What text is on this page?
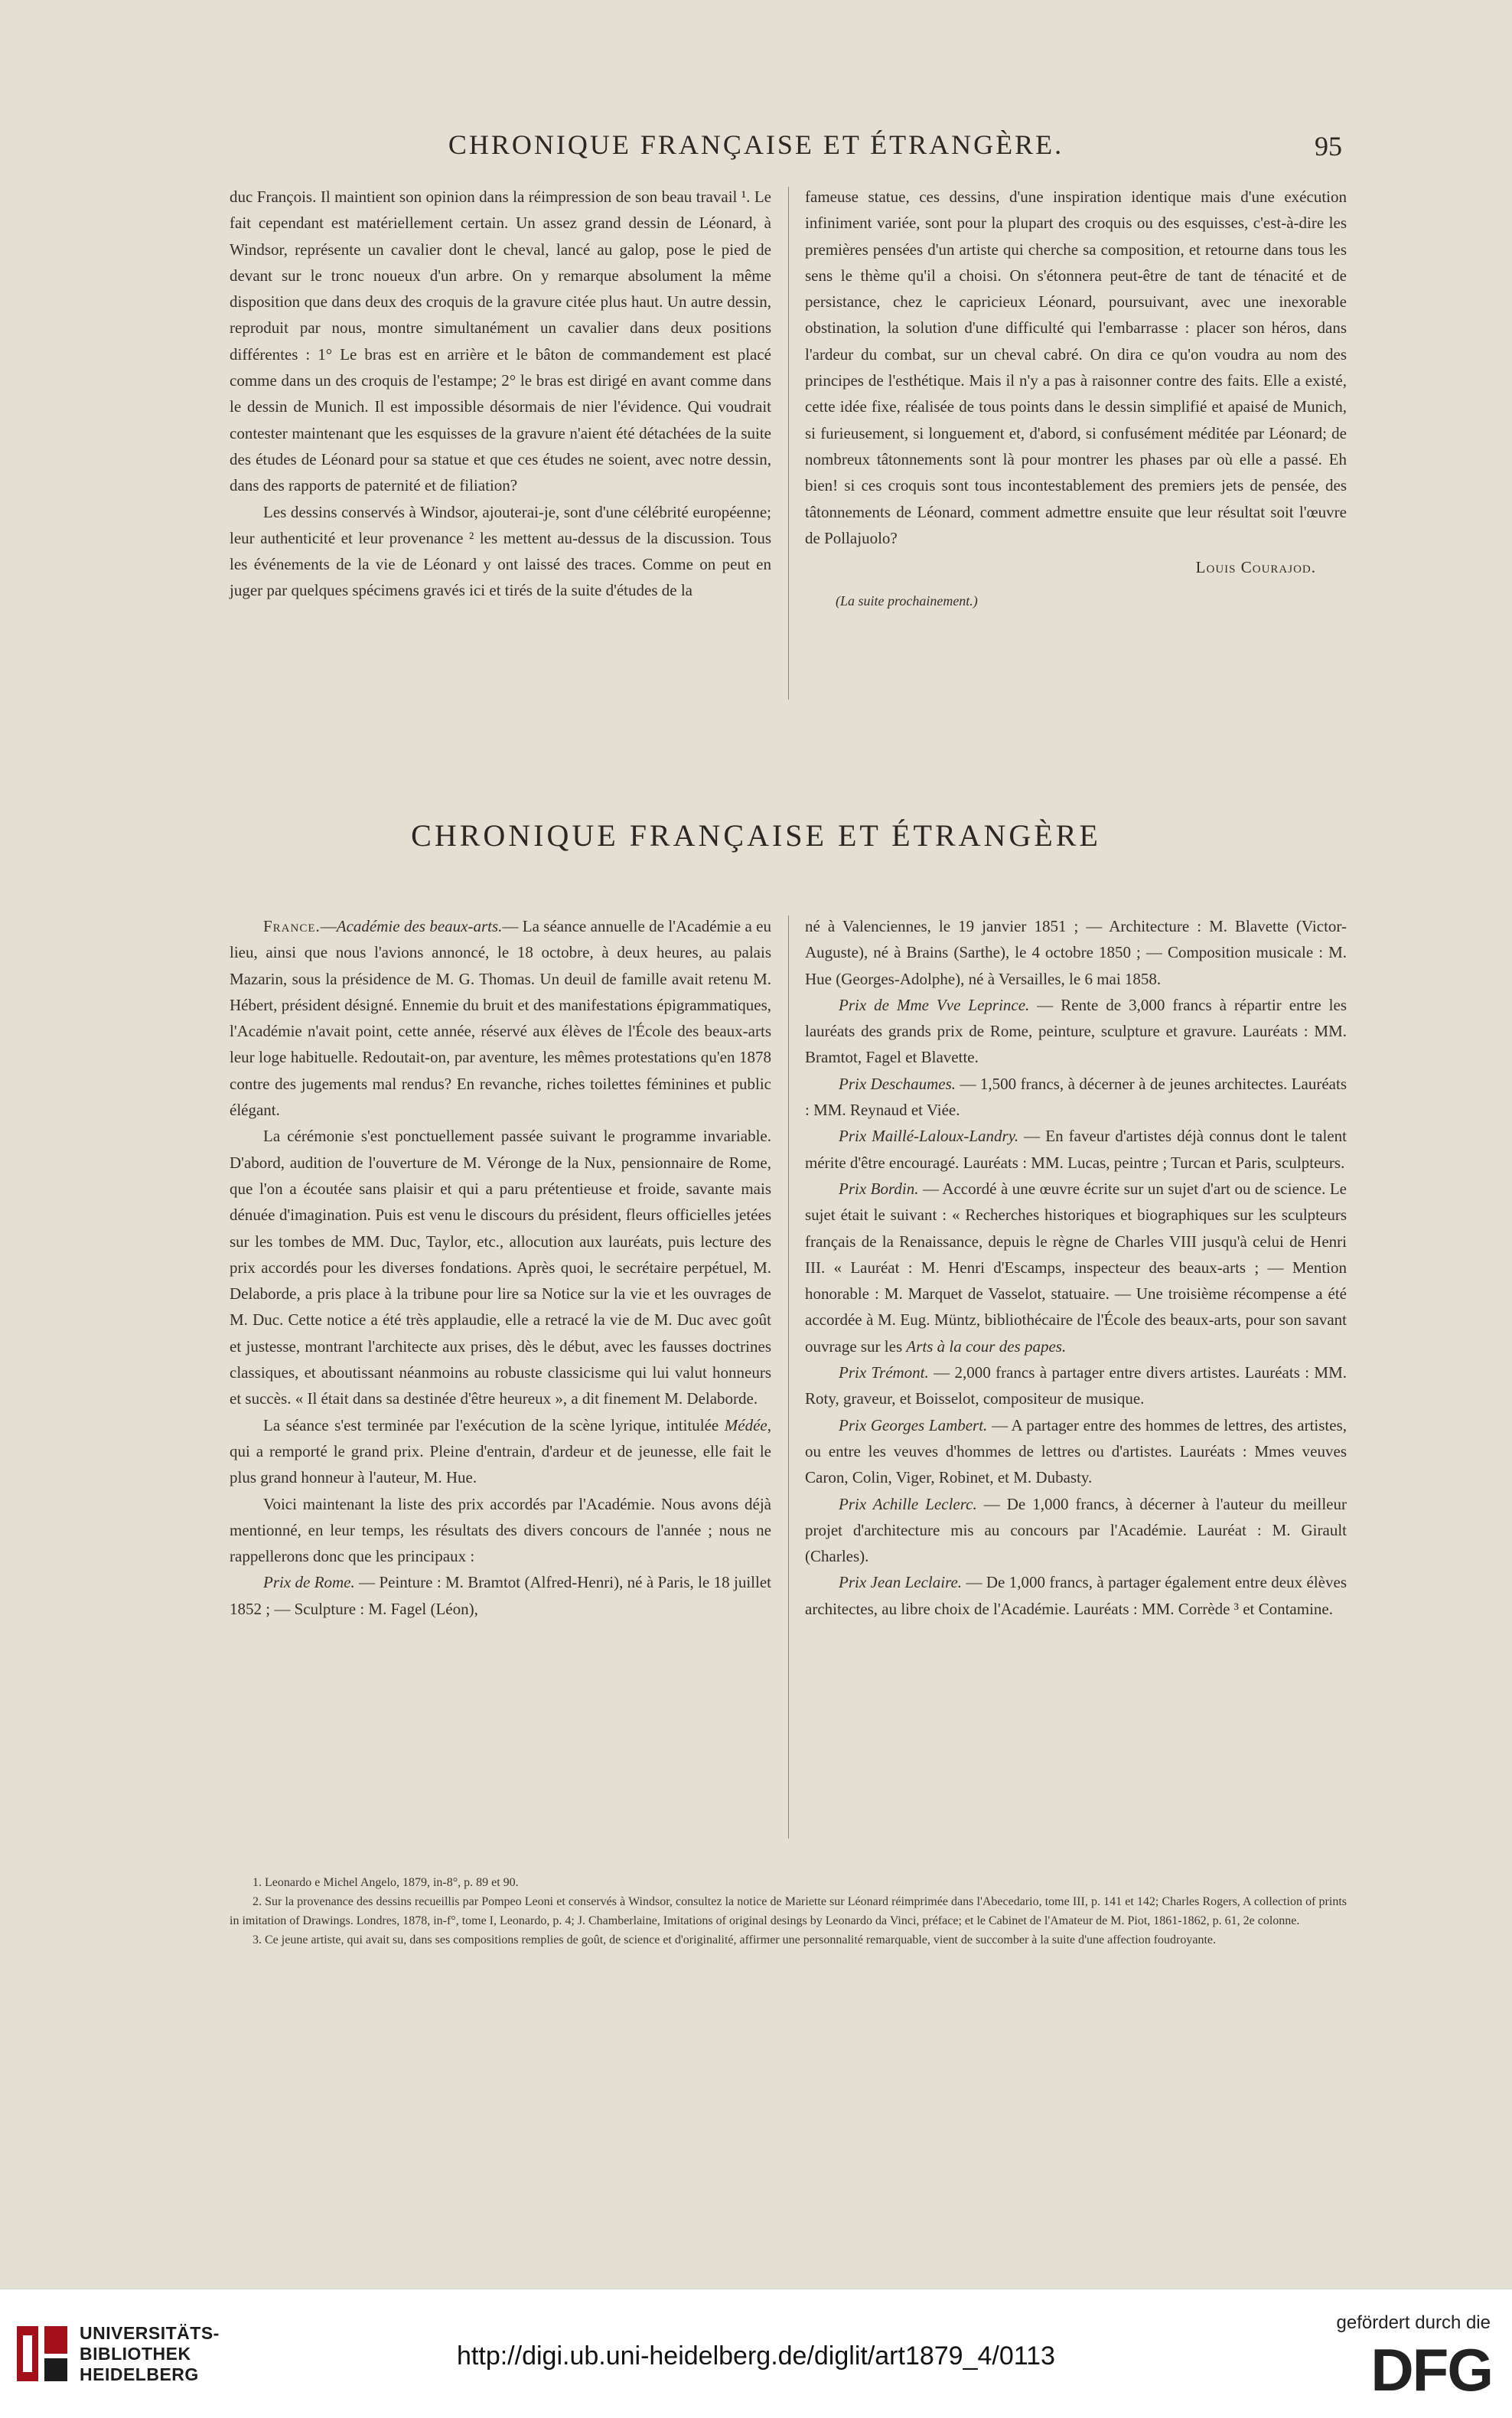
CHRONIQUE FRANÇAISE ET ÉTRANGÈRE.	95

duc François. Il maintient son opinion dans la réimpression de son beau travail ¹. Le fait cependant est matériellement certain. Un assez grand dessin de Léonard, à Windsor, représente un cavalier dont le cheval, lancé au galop, pose le pied de devant sur le tronc noueux d'un arbre. On y remarque absolument la même disposition que dans deux des croquis de la gravure citée plus haut. Un autre dessin, reproduit par nous, montre simultanément un cavalier dans deux positions différentes : 1° Le bras est en arrière et le bâton de commandement est placé comme dans un des croquis de l'estampe; 2° le bras est dirigé en avant comme dans le dessin de Munich. Il est impossible désormais de nier l'évidence. Qui voudrait contester maintenant que les esquisses de la gravure n'aient été détachées de la suite des études de Léonard pour sa statue et que ces études ne soient, avec notre dessin, dans des rapports de paternité et de filiation?

Les dessins conservés à Windsor, ajouterai-je, sont d'une célébrité européenne; leur authenticité et leur provenance ² les mettent au-dessus de la discussion. Tous les événements de la vie de Léonard y ont laissé des traces. Comme on peut en juger par quelques spécimens gravés ici et tirés de la suite d'études de la

fameuse statue, ces dessins, d'une inspiration identique mais d'une exécution infiniment variée, sont pour la plupart des croquis ou des esquisses, c'est-à-dire les premières pensées d'un artiste qui cherche sa composition, et retourne dans tous les sens le thème qu'il a choisi. On s'étonnera peut-être de tant de ténacité et de persistance, chez le capricieux Léonard, poursuivant, avec une inexorable obstination, la solution d'une difficulté qui l'embarrasse : placer son héros, dans l'ardeur du combat, sur un cheval cabré. On dira ce qu'on voudra au nom des principes de l'esthétique. Mais il n'y a pas à raisonner contre des faits. Elle a existé, cette idée fixe, réalisée de tous points dans le dessin simplifié et apaisé de Munich, si furieusement, si longuement et, d'abord, si confusément méditée par Léonard; de nombreux tâtonnements sont là pour montrer les phases par où elle a passé. Eh bien! si ces croquis sont tous incontestablement des premiers jets de pensée, des tâtonnements de Léonard, comment admettre ensuite que leur résultat soit l'œuvre de Pollajuolo?

Louis Courajod.
(La suite prochainement.)
CHRONIQUE FRANÇAISE ET ÉTRANGÈRE

France.—Académie des beaux-arts.— La séance annuelle de l'Académie a eu lieu, ainsi que nous l'avions annoncé, le 18 octobre, à deux heures, au palais Mazarin, sous la présidence de M. G. Thomas. Un deuil de famille avait retenu M. Hébert, président désigné. Ennemie du bruit et des manifestations épigrammatiques, l'Académie n'avait point, cette année, réservé aux élèves de l'École des beaux-arts leur loge habituelle. Redoutait-on, par aventure, les mêmes protestations qu'en 1878 contre des jugements mal rendus? En revanche, riches toilettes féminines et public élégant.

La cérémonie s'est ponctuellement passée suivant le programme invariable. D'abord, audition de l'ouverture de M. Véronge de la Nux, pensionnaire de Rome, que l'on a écoutée sans plaisir et qui a paru prétentieuse et froide, savante mais dénuée d'imagination. Puis est venu le discours du président, fleurs officielles jetées sur les tombes de MM. Duc, Taylor, etc., allocution aux lauréats, puis lecture des prix accordés pour les diverses fondations. Après quoi, le secrétaire perpétuel, M. Delaborde, a pris place à la tribune pour lire sa Notice sur la vie et les ouvrages de M. Duc. Cette notice a été très applaudie, elle a retracé la vie de M. Duc avec goût et justesse, montrant l'architecte aux prises, dès le début, avec les fausses doctrines classiques, et aboutissant néanmoins au robuste classicisme qui lui valut honneurs et succès. « Il était dans sa destinée d'être heureux », a dit finement M. Delaborde.

La séance s'est terminée par l'exécution de la scène lyrique, intitulée Médée, qui a remporté le grand prix. Pleine d'entrain, d'ardeur et de jeunesse, elle fait le plus grand honneur à l'auteur, M. Hue.

Voici maintenant la liste des prix accordés par l'Académie. Nous avons déjà mentionné, en leur temps, les résultats des divers concours de l'année ; nous ne rappellerons donc que les principaux :

Prix de Rome. — Peinture : M. Bramtot (Alfred-Henri), né à Paris, le 18 juillet 1852 ; — Sculpture : M. Fagel (Léon),

né à Valenciennes, le 19 janvier 1851 ; — Architecture : M. Blavette (Victor-Auguste), né à Brains (Sarthe), le 4 octobre 1850 ; — Composition musicale : M. Hue (Georges-Adolphe), né à Versailles, le 6 mai 1858.

Prix de Mme Vve Leprince. — Rente de 3,000 francs à répartir entre les lauréats des grands prix de Rome, peinture, sculpture et gravure. Lauréats : MM. Bramtot, Fagel et Blavette.

Prix Deschaumes. — 1,500 francs, à décerner à de jeunes architectes. Lauréats : MM. Reynaud et Viée.

Prix Maillé-Laloux-Landry. — En faveur d'artistes déjà connus dont le talent mérite d'être encouragé. Lauréats : MM. Lucas, peintre ; Turcan et Paris, sculpteurs.

Prix Bordin. — Accordé à une œuvre écrite sur un sujet d'art ou de science. Le sujet était le suivant : « Recherches historiques et biographiques sur les sculpteurs français de la Renaissance, depuis le règne de Charles VIII jusqu'à celui de Henri III. « Lauréat : M. Henri d'Escamps, inspecteur des beaux-arts ; — Mention honorable : M. Marquet de Vasselot, statuaire. — Une troisième récompense a été accordée à M. Eug. Müntz, bibliothécaire de l'École des beaux-arts, pour son savant ouvrage sur les Arts à la cour des papes.

Prix Trémont. — 2,000 francs à partager entre divers artistes. Lauréats : MM. Roty, graveur, et Boisselot, compositeur de musique.

Prix Georges Lambert. — A partager entre des hommes de lettres, des artistes, ou entre les veuves d'hommes de lettres ou d'artistes. Lauréats : Mmes veuves Caron, Colin, Viger, Robinet, et M. Dubasty.

Prix Achille Leclerc. — De 1,000 francs, à décerner à l'auteur du meilleur projet d'architecture mis au concours par l'Académie. Lauréat : M. Girault (Charles).

Prix Jean Leclaire. — De 1,000 francs, à partager également entre deux élèves architectes, au libre choix de l'Académie. Lauréats : MM. Corrède ³ et Contamine.

1. Leonardo e Michel Angelo, 1879, in-8°, p. 89 et 90.

2. Sur la provenance des dessins recueillis par Pompeo Leoni et conservés à Windsor, consultez la notice de Mariette sur Léonard réimprimée dans l'Abecedario, tome III, p. 141 et 142; Charles Rogers, A collection of prints in imitation of Drawings. Londres, 1878, in-f°, tome I, Leonardo, p. 4; J. Chamberlaine, Imitations of original desings by Leonardo da Vinci, préface; et le Cabinet de l'Amateur de M. Piot, 1861-1862, p. 61, 2e colonne.

3. Ce jeune artiste, qui avait su, dans ses compositions remplies de goût, de science et d'originalité, affirmer une personnalité remarquable, vient de succomber à la suite d'une affection foudroyante.

UNIVERSITÄTS-
BIBLIOTHEK
HEIDELBERG
http://digi.ub.uni-heidelberg.de/diglit/art1879_4/0113
gefördert durch die
DFG
